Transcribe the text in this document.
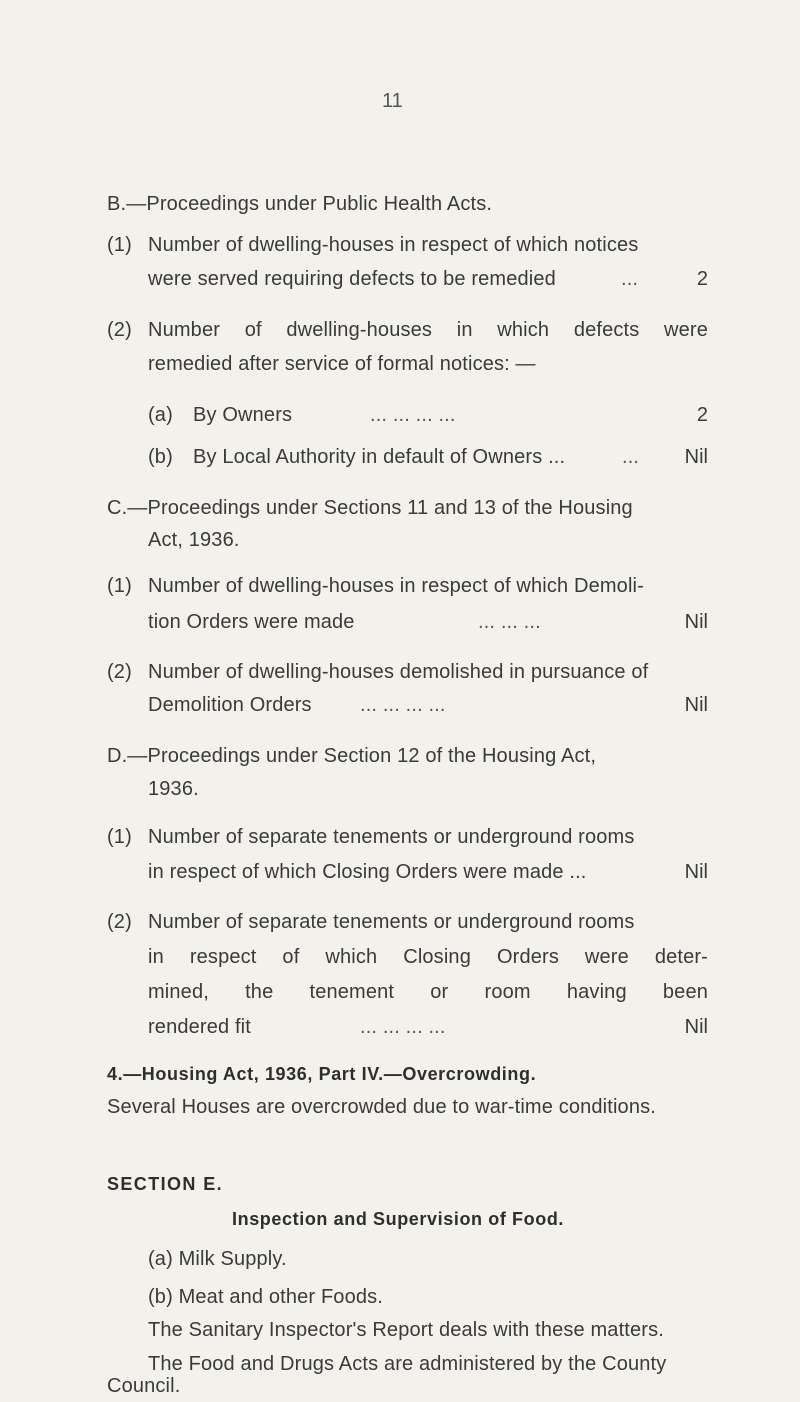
11
B.—Proceedings under Public Health Acts.
(1) Number of dwelling-houses in respect of which notices
were served requiring defects to be remedied	...	2
(2) Number of dwelling-houses in which defects were
remedied after service of formal notices: —
(a) By Owners	... ... ... ...	2
(b) By Local Authority in default of Owners ...	... Nil
C.—Proceedings under Sections 11 and 13 of the Housing
Act, 1936.
(1) Number of dwelling-houses in respect of which Demoli-
tion Orders were made	... ... ...	Nil
(2) Number of dwelling-houses demolished in pursuance of
Demolition Orders ... ... ... ...	Nil
D.—Proceedings under Section 12 of the Housing Act,
1936.
(1) Number of separate tenements or underground rooms
in respect of which Closing Orders were made ...	Nil
(2) Number of separate tenements or underground rooms
in respect of which Closing Orders were deter-
mined, the tenement or room having been
rendered fit	... ... ... ...	Nil
4.—Housing Act, 1936, Part IV.—Overcrowding.
Several Houses are overcrowded due to war-time conditions.
SECTION E.
Inspection and Supervision of Food.
(a) Milk Supply.
(b) Meat and other Foods.
The Sanitary Inspector's Report deals with these matters.
The Food and Drugs Acts are administered by the County
Council.
